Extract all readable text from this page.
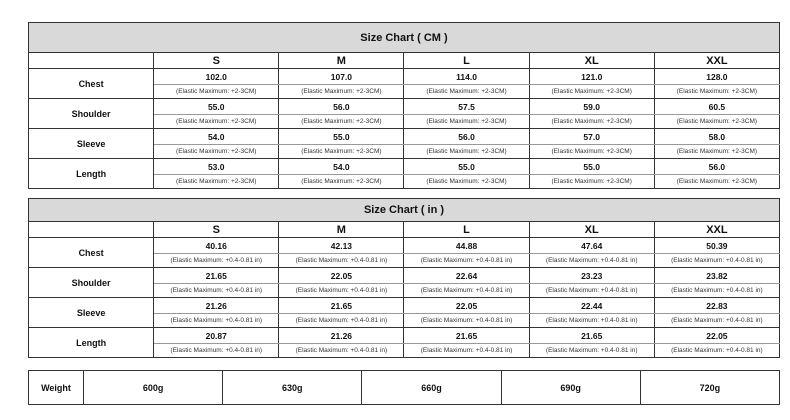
Size Chart ( CM )					
	S	M	L	XL	XXL
Chest	102.0	107.0	114.0	121.0	128.0
	(Elastic Maximum: +2-3CM)	(Elastic Maximum: +2-3CM)	(Elastic Maximum: +2-3CM)	(Elastic Maximum: +2-3CM)	(Elastic Maximum: +2-3CM)
Shoulder	55.0	56.0	57.5	59.0	60.5
	(Elastic Maximum: +2-3CM)	(Elastic Maximum: +2-3CM)	(Elastic Maximum: +2-3CM)	(Elastic Maximum: +2-3CM)	(Elastic Maximum: +2-3CM)
Sleeve	54.0	55.0	56.0	57.0	58.0
	(Elastic Maximum: +2-3CM)	(Elastic Maximum: +2-3CM)	(Elastic Maximum: +2-3CM)	(Elastic Maximum: +2-3CM)	(Elastic Maximum: +2-3CM)
Length	53.0	54.0	55.0	55.0	56.0
	(Elastic Maximum: +2-3CM)	(Elastic Maximum: +2-3CM)	(Elastic Maximum: +2-3CM)	(Elastic Maximum: +2-3CM)	(Elastic Maximum: +2-3CM)
Size Chart ( in )					
	S	M	L	XL	XXL
Chest	40.16	42.13	44.88	47.64	50.39
	(Elastic Maximum: +0.4-0.81 in)	(Elastic Maximum: +0.4-0.81 in)	(Elastic Maximum: +0.4-0.81 in)	(Elastic Maximum: +0.4-0.81 in)	(Elastic Maximum: +0.4-0.81 in)
Shoulder	21.65	22.05	22.64	23.23	23.82
	(Elastic Maximum: +0.4-0.81 in)	(Elastic Maximum: +0.4-0.81 in)	(Elastic Maximum: +0.4-0.81 in)	(Elastic Maximum: +0.4-0.81 in)	(Elastic Maximum: +0.4-0.81 in)
Sleeve	21.26	21.65	22.05	22.44	22.83
	(Elastic Maximum: +0.4-0.81 in)	(Elastic Maximum: +0.4-0.81 in)	(Elastic Maximum: +0.4-0.81 in)	(Elastic Maximum: +0.4-0.81 in)	(Elastic Maximum: +0.4-0.81 in)
Length	20.87	21.26	21.65	21.65	22.05
	(Elastic Maximum: +0.4-0.81 in)	(Elastic Maximum: +0.4-0.81 in)	(Elastic Maximum: +0.4-0.81 in)	(Elastic Maximum: +0.4-0.81 in)	(Elastic Maximum: +0.4-0.81 in)
Weight	600g	630g	660g	690g	720g
